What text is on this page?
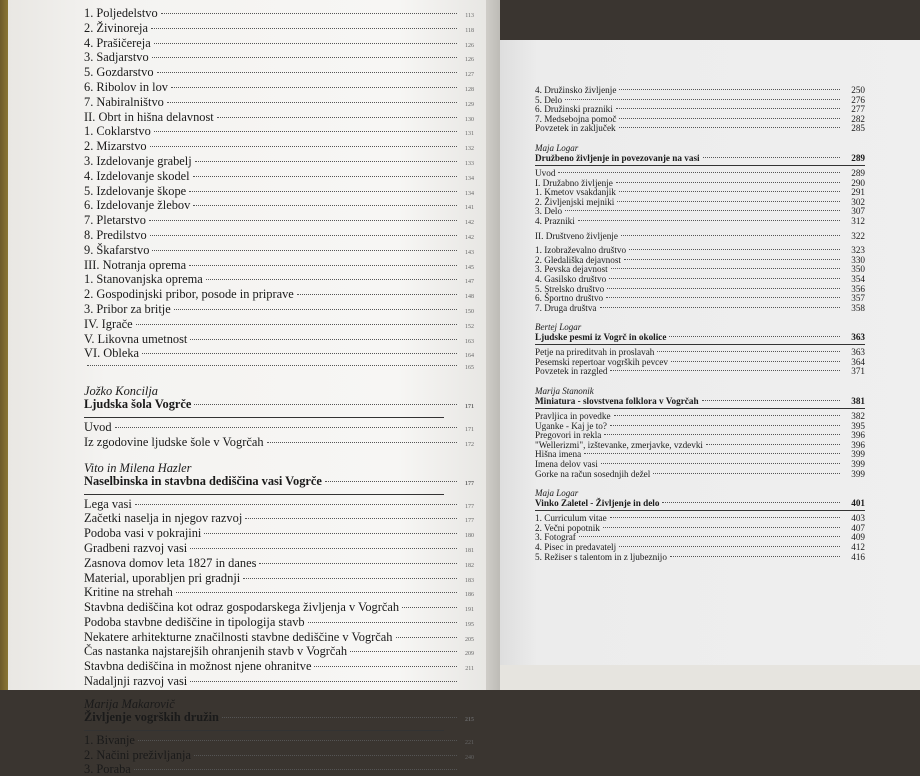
1. Poljedelstvo	113
2. Živinoreja	118
4. Prašičereja	126
3. Sadjarstvo	126
5. Gozdarstvo	127
6. Ribolov in lov	128
7. Nabiralništvo	129
II. Obrt in hišna delavnost	130
1. Coklarstvo	131
2. Mizarstvo	132
3. Izdelovanje grabelj	133
4. Izdelovanje skodel	134
5. Izdelovanje škope	134
6. Izdelovanje žlebov	141
7. Pletarstvo	142
8. Predilstvo	142
9. Škafarstvo	143
III. Notranja oprema	145
1. Stanovanjska oprema	147
2. Gospodinjski pribor, posode in priprave	148
3. Pribor za britje	150
IV. Igrače	152
V. Likovna umetnost	163
VI. Obleka	164
165
Jožko Koncilja
Ljudska šola Vogrče	171
Uvod	171
Iz zgodovine ljudske šole v Vogrčah	172
Vito in Milena Hazler
Naselbinska in stavbna dediščina vasi Vogrče	177
Lega vasi	177
Začetki naselja in njegov razvoj	177
Podoba vasi v pokrajini	180
Gradbeni razvoj vasi	181
Zasnova domov leta 1827 in danes	182
Material, uporabljen pri gradnji	183
Kritine na strehah	186
Stavbna dediščina kot odraz gospodarskega življenja v Vogrčah	191
Podoba stavbne dediščine in tipologija stavb	195
Nekatere arhitekturne značilnosti stavbne dediščine v Vogrčah	205
Čas nastanka najstarejših ohranjenih stavb v Vogrčah	209
Stavbna dediščina in možnost njene ohranitve	211
Nadaljnji razvoj vasi
Marija Makarovič
Življenje vogrških družin	215
1. Bivanje	221
2. Načini preživljanja	240
3. Poraba
4. Družinsko življenje	250
5. Delo	276
6. Družinski prazniki	277
7. Medsebojna pomoč	282
Povzetek in zaključek	285
Maja Logar
Družbeno življenje in povezovanje na vasi	289
Uvod	289
I. Družabno življenje	290
1. Kmetov vsakdanjik	291
2. Življenjski mejniki	302
3. Delo	307
4. Prazniki	312
II. Društveno življenje	322
1. Izobraževalno društvo	323
2. Gledališka dejavnost	330
3. Pevska dejavnost	350
4. Gasilsko društvo	354
5. Strelsko društvo	356
6. Športno društvo	357
7. Druga društva	358
Bertej Logar
Ljudske pesmi iz Vogrč in okolice	363
Petje na prireditvah in proslavah	363
Pesemski repertoar vogrških pevcev	364
Povzetek in razgled	371
Marija Stanonik
Miniatura - slovstvena folklora v Vogrčah	381
Pravljica in povedke	382
Uganke - Kaj je to?	395
Pregovori in rekla	396
"Wellerizmi", izštevanke, zmerjavke, vzdevki	396
Hišna imena	399
Imena delov vasi	399
Gorke na račun sosednjih dežel	399
Maja Logar
Vinko Zaletel - Življenje in delo	401
1. Curriculum vitae	403
2. Večni popotnik	407
3. Fotograf	409
4. Pisec in predavatelj	412
5. Režiser s talentom in z ljubeznijo	416
